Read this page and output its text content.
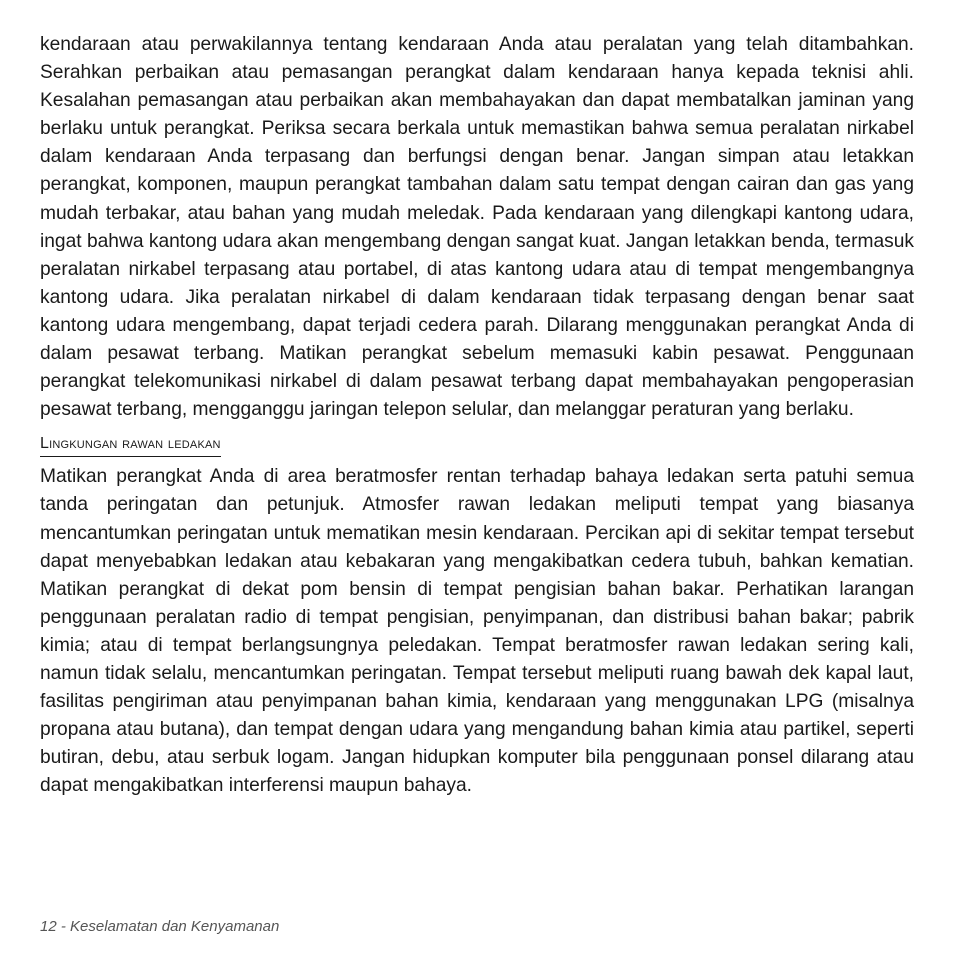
kendaraan atau perwakilannya tentang kendaraan Anda atau peralatan yang telah ditambahkan. Serahkan perbaikan atau pemasangan perangkat dalam kendaraan hanya kepada teknisi ahli. Kesalahan pemasangan atau perbaikan akan membahayakan dan dapat membatalkan jaminan yang berlaku untuk perangkat. Periksa secara berkala untuk memastikan bahwa semua peralatan nirkabel dalam kendaraan Anda terpasang dan berfungsi dengan benar. Jangan simpan atau letakkan perangkat, komponen, maupun perangkat tambahan dalam satu tempat dengan cairan dan gas yang mudah terbakar, atau bahan yang mudah meledak. Pada kendaraan yang dilengkapi kantong udara, ingat bahwa kantong udara akan mengembang dengan sangat kuat. Jangan letakkan benda, termasuk peralatan nirkabel terpasang atau portabel, di atas kantong udara atau di tempat mengembangnya kantong udara. Jika peralatan nirkabel di dalam kendaraan tidak terpasang dengan benar saat kantong udara mengembang, dapat terjadi cedera parah. Dilarang menggunakan perangkat Anda di dalam pesawat terbang. Matikan perangkat sebelum memasuki kabin pesawat. Penggunaan perangkat telekomunikasi nirkabel di dalam pesawat terbang dapat membahayakan pengoperasian pesawat terbang, mengganggu jaringan telepon selular, dan melanggar peraturan yang berlaku.

Lingkungan rawan ledakan

Matikan perangkat Anda di area beratmosfer rentan terhadap bahaya ledakan serta patuhi semua tanda peringatan dan petunjuk. Atmosfer rawan ledakan meliputi tempat yang biasanya mencantumkan peringatan untuk mematikan mesin kendaraan. Percikan api di sekitar tempat tersebut dapat menyebabkan ledakan atau kebakaran yang mengakibatkan cedera tubuh, bahkan kematian. Matikan perangkat di dekat pom bensin di tempat pengisian bahan bakar. Perhatikan larangan penggunaan peralatan radio di tempat pengisian, penyimpanan, dan distribusi bahan bakar; pabrik kimia; atau di tempat berlangsungnya peledakan. Tempat beratmosfer rawan ledakan sering kali, namun tidak selalu, mencantumkan peringatan. Tempat tersebut meliputi ruang bawah dek kapal laut, fasilitas pengiriman atau penyimpanan bahan kimia, kendaraan yang menggunakan LPG (misalnya propana atau butana), dan tempat dengan udara yang mengandung bahan kimia atau partikel, seperti butiran, debu, atau serbuk logam. Jangan hidupkan komputer bila penggunaan ponsel dilarang atau dapat mengakibatkan interferensi maupun bahaya.

12 - Keselamatan dan Kenyamanan
